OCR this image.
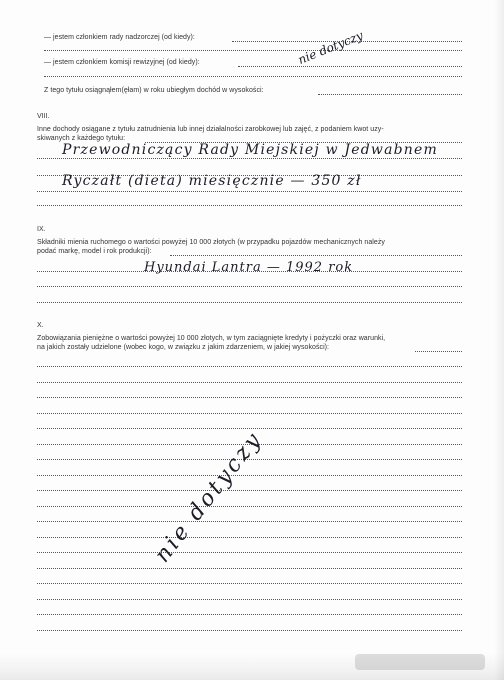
— jestem członkiem rady nadzorczej (od kiedy):
— jestem członkiem komisji rewizyjnej (od kiedy):	nie dotyczy
Z tego tytułu osiągnąłem(ęłam) w roku ubiegłym dochód w wysokości:
VIII.
Inne dochody osiągane z tytułu zatrudnienia lub innej działalności zarobkowej lub zajęć, z podaniem kwot uzy-
skiwanych z każdego tytułu:
Przewodniczący Rady Miejskiej w Jedwabnem
Ryczałt (dieta) miesięcznie — 350 zł
IX.
Składniki mienia ruchomego o wartości powyżej 10 000 złotych (w przypadku pojazdów mechanicznych należy
podać markę, model i rok produkcji):
Hyundai Lantra — 1992 rok
X.
Zobowiązania pieniężne o wartości powyżej 10 000 złotych, w tym zaciągnięte kredyty i pożyczki oraz warunki,
na jakich zostały udzielone (wobec kogo, w związku z jakim zdarzeniem, w jakiej wysokości):
nie dotyczy
